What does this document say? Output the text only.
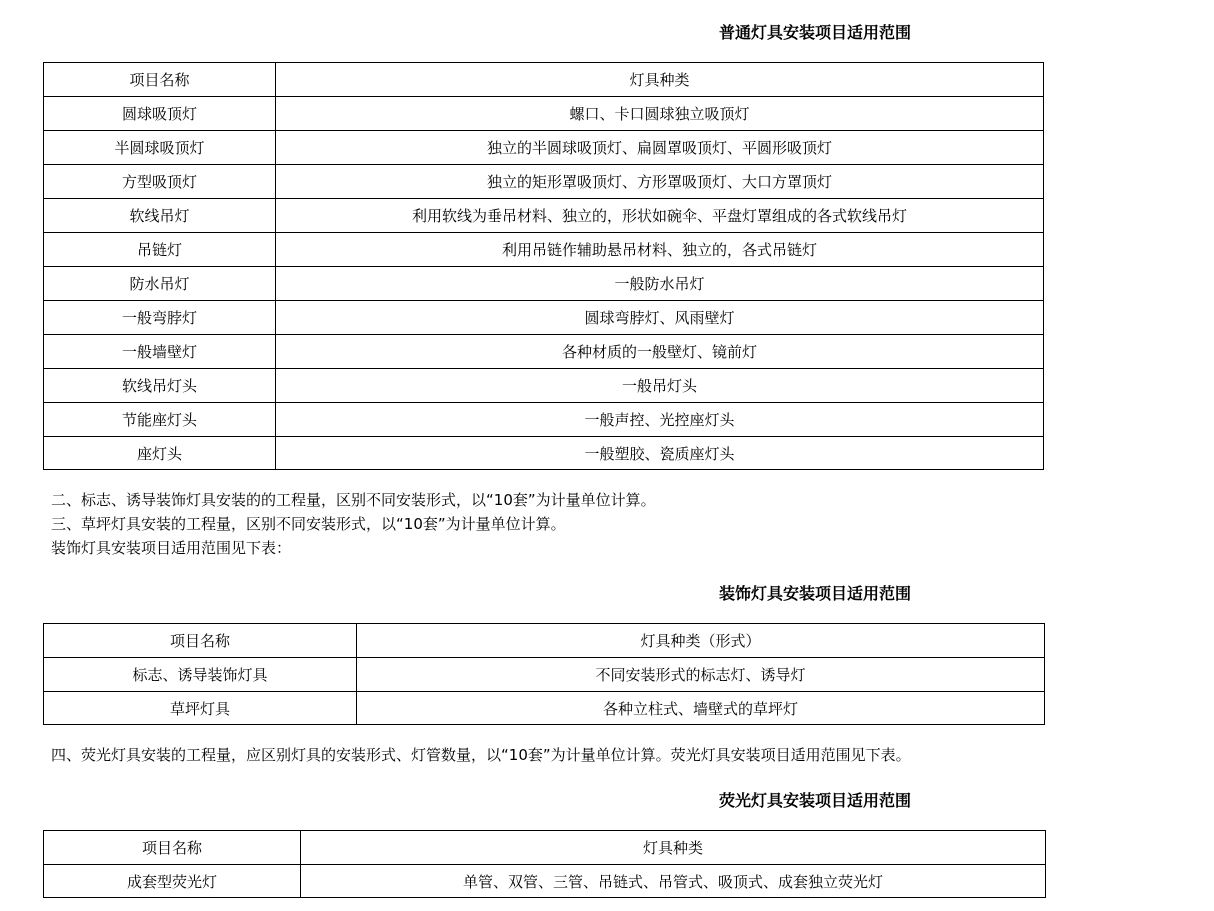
普通灯具安装项目适用范围
项目名称	灯具种类
圆球吸顶灯	螺口、卡口圆球独立吸顶灯
半圆球吸顶灯	独立的半圆球吸顶灯、扁圆罩吸顶灯、平圆形吸顶灯
方型吸顶灯	独立的矩形罩吸顶灯、方形罩吸顶灯、大口方罩顶灯
软线吊灯	利用软线为垂吊材料、独立的，形状如碗伞、平盘灯罩组成的各式软线吊灯
吊链灯	利用吊链作辅助悬吊材料、独立的，各式吊链灯
防水吊灯	一般防水吊灯
一般弯脖灯	圆球弯脖灯、风雨壁灯
一般墙壁灯	各种材质的一般壁灯、镜前灯
软线吊灯头	一般吊灯头
节能座灯头	一般声控、光控座灯头
座灯头	一般塑胶、瓷质座灯头
二、标志、诱导装饰灯具安装的的工程量，区别不同安装形式，以“10套”为计量单位计算。
三、草坪灯具安装的工程量，区别不同安装形式，以“10套”为计量单位计算。
装饰灯具安装项目适用范围见下表：
装饰灯具安装项目适用范围
项目名称	灯具种类（形式）
标志、诱导装饰灯具	不同安装形式的标志灯、诱导灯
草坪灯具	各种立柱式、墙壁式的草坪灯
四、荧光灯具安装的工程量，应区别灯具的安装形式、灯管数量，以“10套”为计量单位计算。荧光灯具安装项目适用范围见下表。
荧光灯具安装项目适用范围
项目名称	灯具种类
成套型荧光灯	单管、双管、三管、吊链式、吊管式、吸顶式、成套独立荧光灯
